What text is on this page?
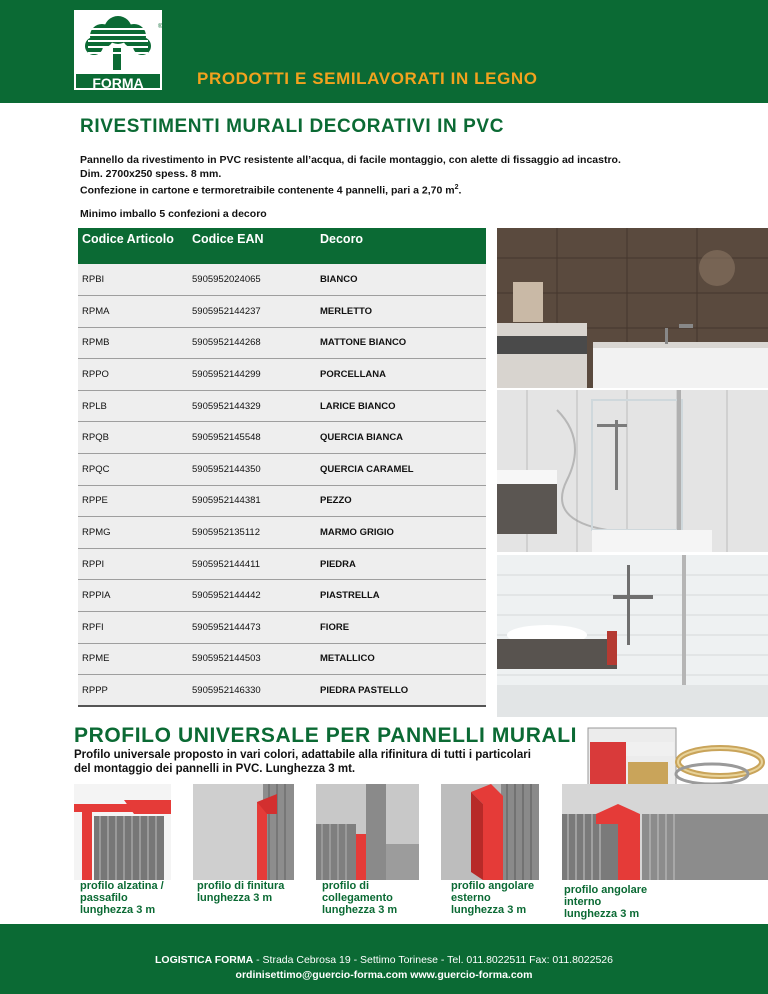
FORMA
®
PRODOTTI E SEMILAVORATI IN LEGNO
RIVESTIMENTI MURALI DECORATIVI IN PVC
Pannello da rivestimento in PVC resistente all’acqua, di facile montaggio, con alette di fissaggio ad incastro.
Dim. 2700x250 spess. 8 mm.
Confezione in cartone e termoretraibile contenente 4 pannelli, pari a 2,70 $m^2$.
Minimo imballo 5 confezioni a decoro
Codice Articolo	Codice EAN	Decoro
RPBI	5905952024065	BIANCO
RPMA	5905952144237	MERLETTO
RPMB	5905952144268	MATTONE BIANCO
RPPO	5905952144299	PORCELLANA
RPLB	5905952144329	LARICE BIANCO
RPQB	5905952145548	QUERCIA BIANCA
RPQC	5905952144350	QUERCIA CARAMEL
RPPE	5905952144381	PEZZO
RPMG	5905952135112	MARMO GRIGIO
RPPI	5905952144411	PIEDRA
RPPIA	5905952144442	PIASTRELLA
RPFI	5905952144473	FIORE
RPME	5905952144503	METALLICO
RPPP	5905952146330	PIEDRA PASTELLO
PROFILO UNIVERSALE PER PANNELLI MURALI
Profilo universale proposto in vari colori, adattabile alla rifinitura di tutti i particolari
del montaggio dei pannelli in PVC. Lunghezza 3 mt.
profilo alzatina /
passafilo
lunghezza 3 m
profilo di finitura
lunghezza 3 m
profilo di
collegamento
lunghezza 3 m
profilo angolare
esterno
lunghezza 3 m
profilo angolare
interno
lunghezza 3 m
LOGISTICA FORMA - Strada Cebrosa 19 - Settimo Torinese - Tel. 011.8022511 Fax: 011.8022526
ordinisettimo@guercio-forma.com www.guercio-forma.com
